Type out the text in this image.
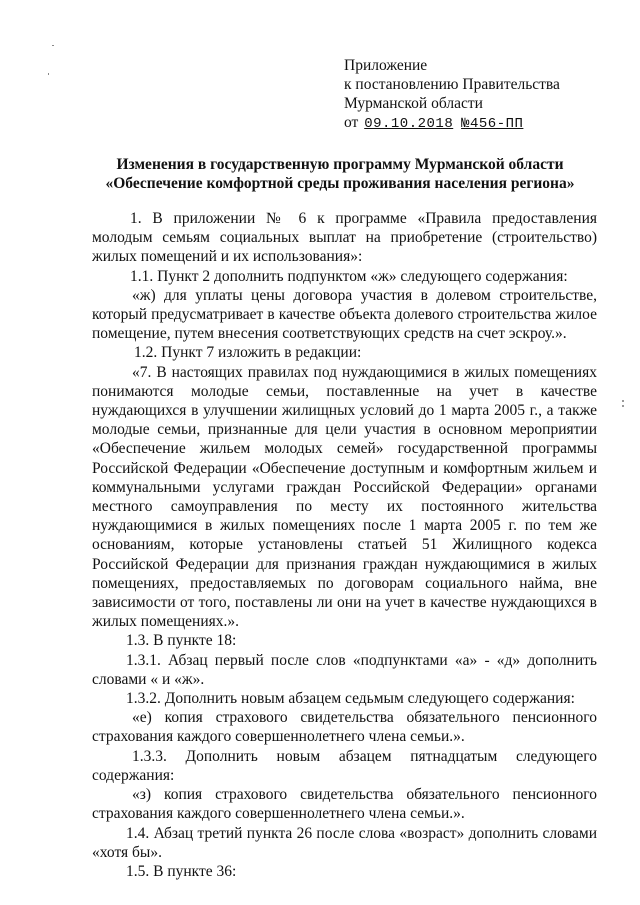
Приложение
к постановлению Правительства
Мурманской области
от 09.10.2018 №456-ПП
Изменения в государственную программу Мурманской области
«Обеспечение комфортной среды проживания населения региона»

1. В приложении № 6 к программе «Правила предоставления молодым семьям социальных выплат на приобретение (строительство) жилых помещений и их использования»:

1.1. Пункт 2 дополнить подпунктом «ж» следующего содержания:

«ж) для уплаты цены договора участия в долевом строительстве, который предусматривает в качестве объекта долевого строительства жилое помещение, путем внесения соответствующих средств на счет эскроу.».

1.2. Пункт 7 изложить в редакции:

«7. В настоящих правилах под нуждающимися в жилых помещениях понимаются молодые семьи, поставленные на учет в качестве нуждающихся в улучшении жилищных условий до 1 марта 2005 г., а также молодые семьи, признанные для цели участия в основном мероприятии «Обеспечение жильем молодых семей» государственной программы Российской Федерации «Обеспечение доступным и комфортным жильем и коммунальными услугами граждан Российской Федерации» органами местного самоуправления по месту их постоянного жительства нуждающимися в жилых помещениях после 1 марта 2005 г. по тем же основаниям, которые установлены статьей 51 Жилищного кодекса Российской Федерации для признания граждан нуждающимися в жилых помещениях, предоставляемых по договорам социального найма, вне зависимости от того, поставлены ли они на учет в качестве нуждающихся в жилых помещениях.».

1.3. В пункте 18:

1.3.1. Абзац первый после слов «подпунктами «а» - «д» дополнить словами « и «ж».

1.3.2. Дополнить новым абзацем седьмым следующего содержания:

«е) копия страхового свидетельства обязательного пенсионного страхования каждого совершеннолетнего члена семьи.».

1.3.3. Дополнить новым абзацем пятнадцатым следующего содержания:

«з) копия страхового свидетельства обязательного пенсионного страхования каждого совершеннолетнего члена семьи.».

1.4. Абзац третий пункта 26 после слова «возраст» дополнить словами «хотя бы».

1.5. В пункте 36:
